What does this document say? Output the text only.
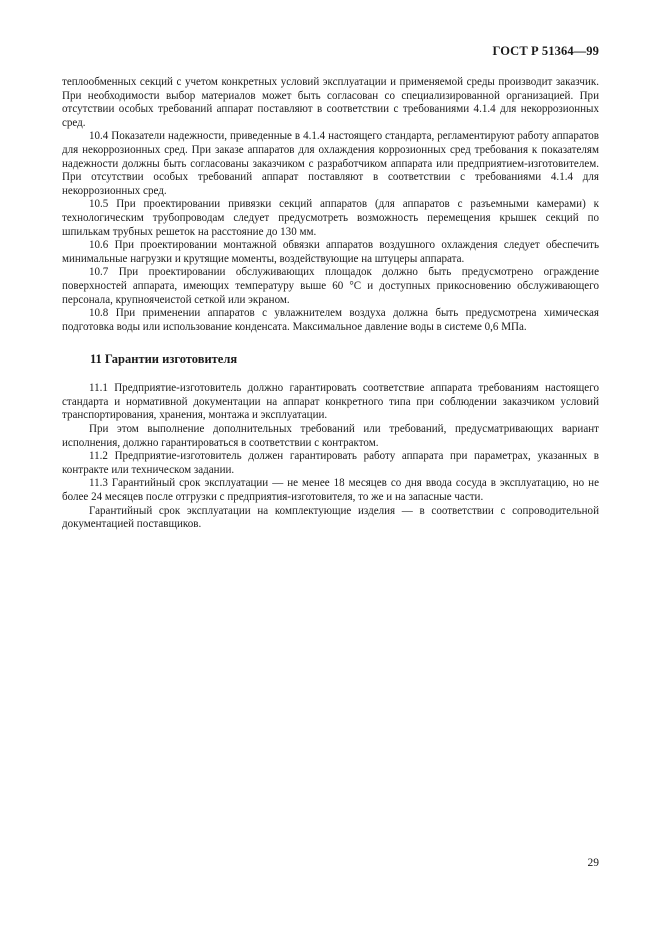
ГОСТ Р 51364—99

теплообменных секций с учетом конкретных условий эксплуатации и применяемой среды производит заказчик. При необходимости выбор материалов может быть согласован со специализированной организацией. При отсутствии особых требований аппарат поставляют в соответствии с требованиями 4.1.4 для некоррозионных сред.

10.4 Показатели надежности, приведенные в 4.1.4 настоящего стандарта, регламентируют работу аппаратов для некоррозионных сред. При заказе аппаратов для охлаждения коррозионных сред требования к показателям надежности должны быть согласованы заказчиком с разработчиком аппарата или предприятием-изготовителем. При отсутствии особых требований аппарат поставляют в соответствии с требованиями 4.1.4 для некоррозионных сред.

10.5 При проектировании привязки секций аппаратов (для аппаратов с разъемными камерами) к технологическим трубопроводам следует предусмотреть возможность перемещения крышек секций по шпилькам трубных решеток на расстояние до 130 мм.

10.6 При проектировании монтажной обвязки аппаратов воздушного охлаждения следует обеспечить минимальные нагрузки и крутящие моменты, воздействующие на штуцеры аппарата.

10.7 При проектировании обслуживающих площадок должно быть предусмотрено ограждение поверхностей аппарата, имеющих температуру выше 60 °С и доступных прикосновению обслуживающего персонала, крупноячеистой сеткой или экраном.

10.8 При применении аппаратов с увлажнителем воздуха должна быть предусмотрена химическая подготовка воды или использование конденсата. Максимальное давление воды в системе 0,6 МПа.

11 Гарантии изготовителя

11.1 Предприятие-изготовитель должно гарантировать соответствие аппарата требованиям настоящего стандарта и нормативной документации на аппарат конкретного типа при соблюдении заказчиком условий транспортирования, хранения, монтажа и эксплуатации.

При этом выполнение дополнительных требований или требований, предусматривающих вариант исполнения, должно гарантироваться в соответствии с контрактом.

11.2 Предприятие-изготовитель должен гарантировать работу аппарата при параметрах, указанных в контракте или техническом задании.

11.3 Гарантийный срок эксплуатации — не менее 18 месяцев со дня ввода сосуда в эксплуатацию, но не более 24 месяцев после отгрузки с предприятия-изготовителя, то же и на запасные части.

Гарантийный срок эксплуатации на комплектующие изделия — в соответствии с сопроводительной документацией поставщиков.

29
